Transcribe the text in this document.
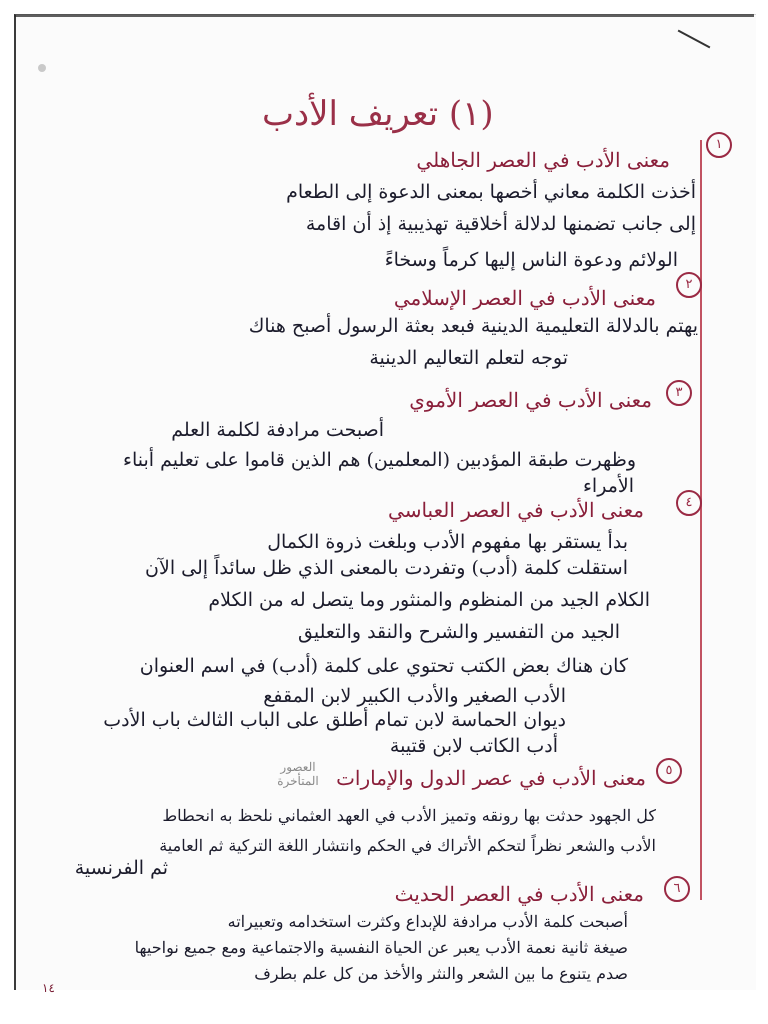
(١) تعريف الأدب
١
معنى الأدب في العصر الجاهلي
أخذت الكلمة معاني أخصها بمعنى الدعوة إلى الطعام
إلى جانب تضمنها لدلالة أخلاقية تهذيبية إذ أن اقامة
الولائم ودعوة الناس إليها كرماً وسخاءً
٢
معنى الأدب في العصر الإسلامي
يهتم بالدلالة التعليمية الدينية فبعد بعثة الرسول أصبح هناك
توجه لتعلم التعاليم الدينية
٣
معنى الأدب في العصر الأموي
أصبحت مرادفة لكلمة العلم
وظهرت طبقة المؤدبين (المعلمين) هم الذين قاموا على تعليم أبناء
الأمراء
٤
معنى الأدب في العصر العباسي
بدأ يستقر بها مفهوم الأدب وبلغت ذروة الكمال
استقلت كلمة (أدب) وتفردت بالمعنى الذي ظل سائداً إلى الآن
الكلام الجيد من المنظوم والمنثور وما يتصل له من الكلام
الجيد من التفسير والشرح والنقد والتعليق
كان هناك بعض الكتب تحتوي على كلمة (أدب) في اسم العنوان
الأدب الصغير والأدب الكبير لابن المقفع
ديوان الحماسة لابن تمام أطلق على الباب الثالث باب الأدب
أدب الكاتب لابن قتيبة
٥
معنى الأدب في عصر الدول والإمارات
العصور المتأخرة
كل الجهود حدثت بها رونقه وتميز الأدب في العهد العثماني نلحظ به انحطاط
الأدب والشعر نظراً لتحكم الأتراك في الحكم وانتشار اللغة التركية ثم العامية
ثم الفرنسية
٦
معنى الأدب في العصر الحديث
أصبحت كلمة الأدب مرادفة للإبداع وكثرت استخدامه وتعبيراته
صيغة ثانية نعمة الأدب يعبر عن الحياة النفسية والاجتماعية ومع جميع نواحيها
صدم يتنوع ما بين الشعر والنثر والأخذ من كل علم بطرف
١٤
